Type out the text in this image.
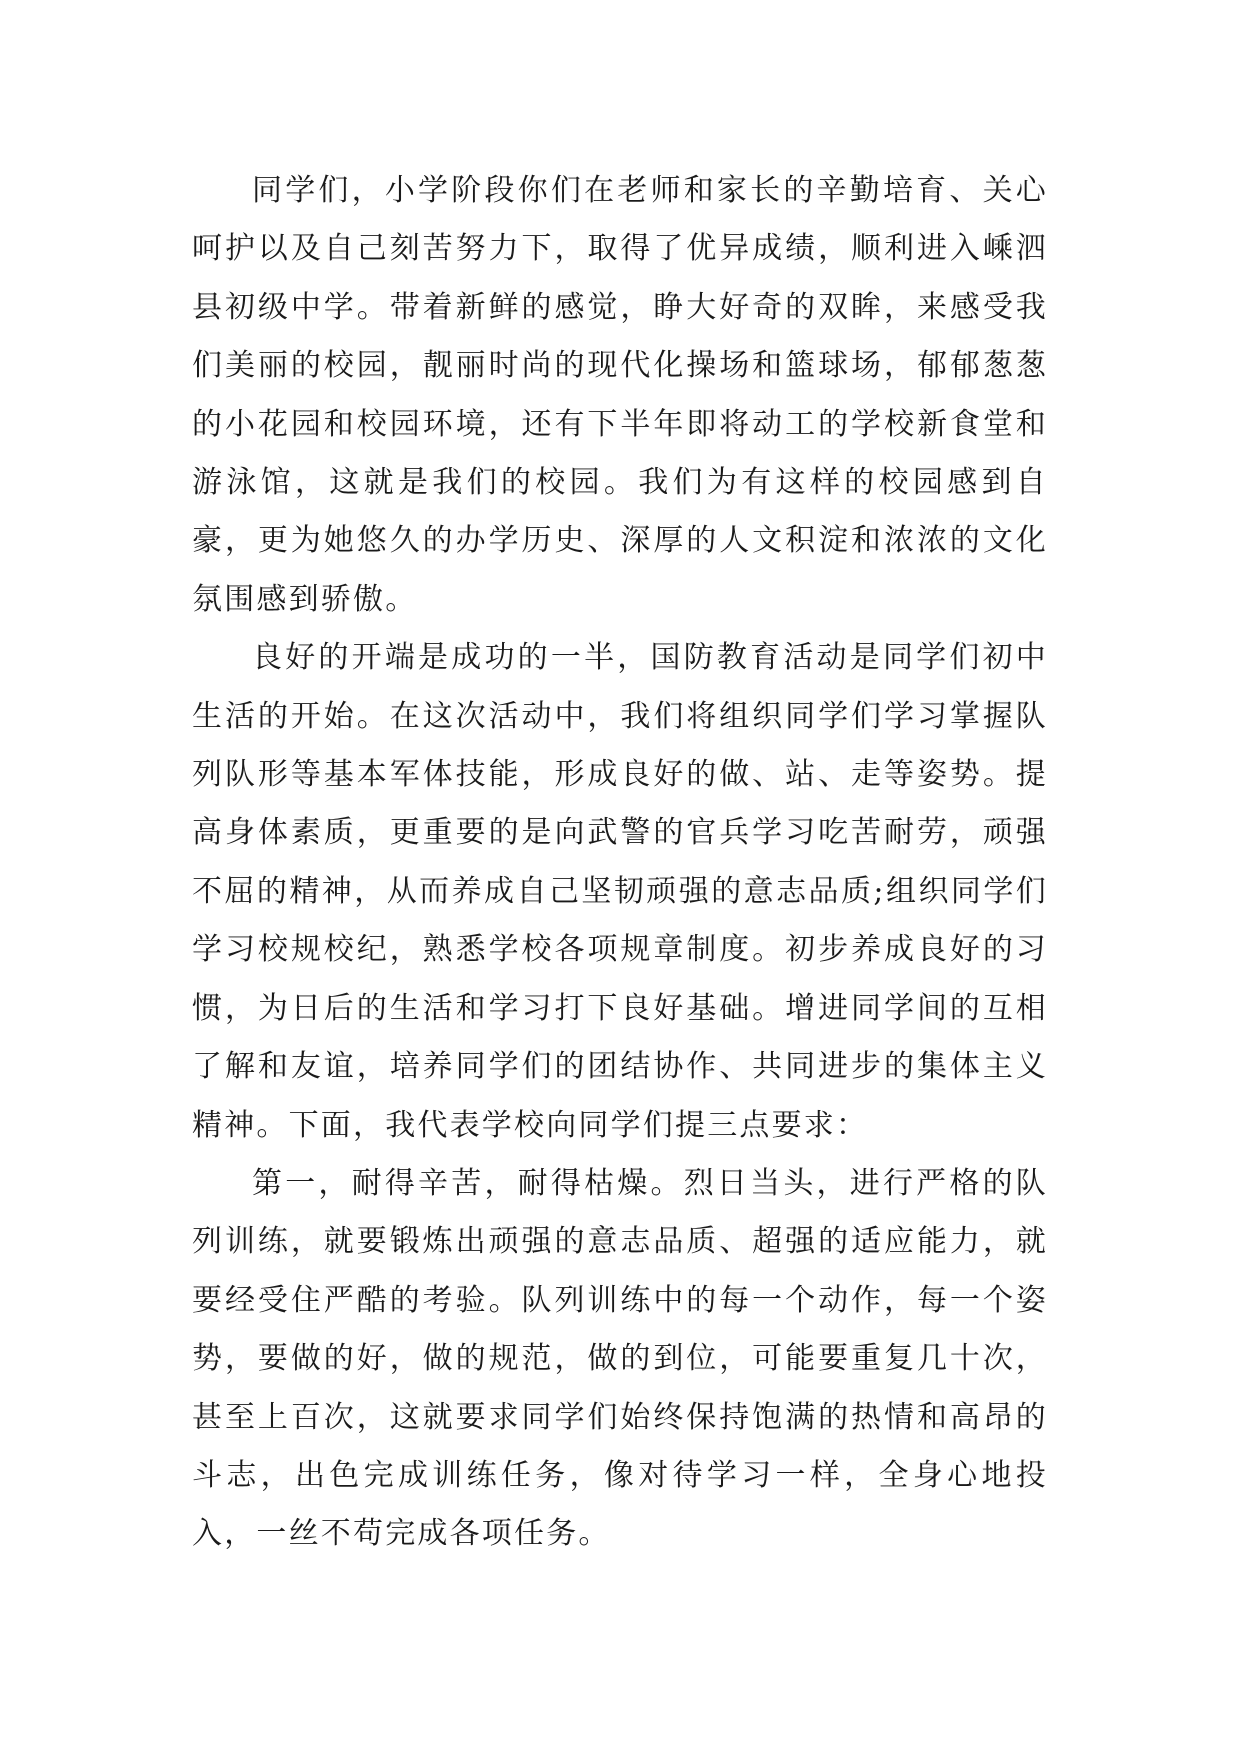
同学们，小学阶段你们在老师和家长的辛勤培育、关心呵护以及自己刻苦努力下，取得了优异成绩，顺利进入嵊泗县初级中学。带着新鲜的感觉，睁大好奇的双眸，来感受我们美丽的校园，靓丽时尚的现代化操场和篮球场，郁郁葱葱的小花园和校园环境，还有下半年即将动工的学校新食堂和游泳馆，这就是我们的校园。我们为有这样的校园感到自豪，更为她悠久的办学历史、深厚的人文积淀和浓浓的文化氛围感到骄傲。

良好的开端是成功的一半，国防教育活动是同学们初中生活的开始。在这次活动中，我们将组织同学们学习掌握队列队形等基本军体技能，形成良好的做、站、走等姿势。提高身体素质，更重要的是向武警的官兵学习吃苦耐劳，顽强不屈的精神，从而养成自己坚韧顽强的意志品质;组织同学们学习校规校纪，熟悉学校各项规章制度。初步养成良好的习惯，为日后的生活和学习打下良好基础。增进同学间的互相了解和友谊，培养同学们的团结协作、共同进步的集体主义精神。下面，我代表学校向同学们提三点要求：

第一，耐得辛苦，耐得枯燥。烈日当头，进行严格的队列训练，就要锻炼出顽强的意志品质、超强的适应能力，就要经受住严酷的考验。队列训练中的每一个动作，每一个姿势，要做的好，做的规范，做的到位，可能要重复几十次，甚至上百次，这就要求同学们始终保持饱满的热情和高昂的斗志，出色完成训练任务，像对待学习一样，全身心地投入，一丝不苟完成各项任务。
